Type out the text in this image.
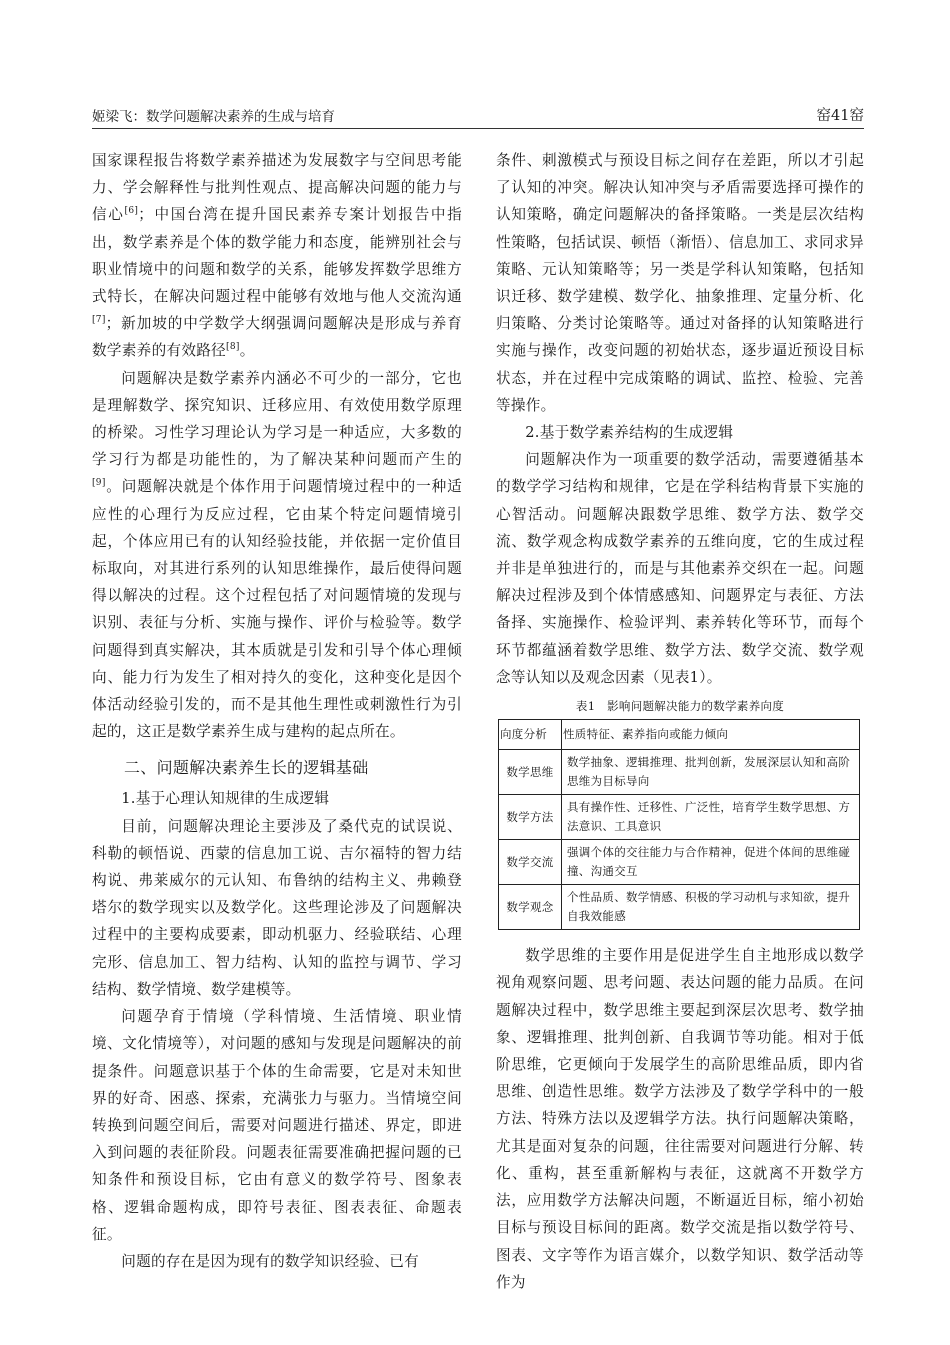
姬梁飞：数学问题解决素养的生成与培育	窑41窑

国家课程报告将数学素养描述为发展数字与空间思考能力、学会解释性与批判性观点、提高解决问题的能力与信心[6]；中国台湾在提升国民素养专案计划报告中指出，数学素养是个体的数学能力和态度，能辨别社会与职业情境中的问题和数学的关系，能够发挥数学思维方式特长，在解决问题过程中能够有效地与他人交流沟通[7]；新加坡的中学数学大纲强调问题解决是形成与养育数学素养的有效路径[8]。

问题解决是数学素养内涵必不可少的一部分，它也是理解数学、探究知识、迁移应用、有效使用数学原理的桥梁。习性学习理论认为学习是一种适应，大多数的学习行为都是功能性的，为了解决某种问题而产生的[9]。问题解决就是个体作用于问题情境过程中的一种适应性的心理行为反应过程，它由某个特定问题情境引起，个体应用已有的认知经验技能，并依据一定价值目标取向，对其进行系列的认知思维操作，最后使得问题得以解决的过程。这个过程包括了对问题情境的发现与识别、表征与分析、实施与操作、评价与检验等。数学问题得到真实解决，其本质就是引发和引导个体心理倾向、能力行为发生了相对持久的变化，这种变化是因个体活动经验引发的，而不是其他生理性或刺激性行为引起的，这正是数学素养生成与建构的起点所在。

二、问题解决素养生长的逻辑基础

1.基于心理认知规律的生成逻辑

目前，问题解决理论主要涉及了桑代克的试误说、科勒的顿悟说、西蒙的信息加工说、吉尔福特的智力结构说、弗莱威尔的元认知、布鲁纳的结构主义、弗赖登塔尔的数学现实以及数学化。这些理论涉及了问题解决过程中的主要构成要素，即动机驱力、经验联结、心理完形、信息加工、智力结构、认知的监控与调节、学习结构、数学情境、数学建模等。

问题孕育于情境（学科情境、生活情境、职业情境、文化情境等），对问题的感知与发现是问题解决的前提条件。问题意识基于个体的生命需要，它是对未知世界的好奇、困惑、探索，充满张力与驱力。当情境空间转换到问题空间后，需要对问题进行描述、界定，即进入到问题的表征阶段。问题表征需要准确把握问题的已知条件和预设目标，它由有意义的数学符号、图象表格、逻辑命题构成，即符号表征、图表表征、命题表征。

问题的存在是因为现有的数学知识经验、已有

条件、刺激模式与预设目标之间存在差距，所以才引起了认知的冲突。解决认知冲突与矛盾需要选择可操作的认知策略，确定问题解决的备择策略。一类是层次结构性策略，包括试误、顿悟（渐悟）、信息加工、求同求异策略、元认知策略等；另一类是学科认知策略，包括知识迁移、数学建模、数学化、抽象推理、定量分析、化归策略、分类讨论策略等。通过对备择的认知策略进行实施与操作，改变问题的初始状态，逐步逼近预设目标状态，并在过程中完成策略的调试、监控、检验、完善等操作。

2.基于数学素养结构的生成逻辑

问题解决作为一项重要的数学活动，需要遵循基本的数学学习结构和规律，它是在学科结构背景下实施的心智活动。问题解决跟数学思维、数学方法、数学交流、数学观念构成数学素养的五维向度，它的生成过程并非是单独进行的，而是与其他素养交织在一起。问题解决过程涉及到个体情感感知、问题界定与表征、方法备择、实施操作、检验评判、素养转化等环节，而每个环节都蕴涵着数学思维、数学方法、数学交流、数学观念等认知以及观念因素（见表1）。

表1　影响问题解决能力的数学素养向度
向度分析	性质特征、素养指向或能力倾向
数学思维	数学抽象、逻辑推理、批判创新，发展深层认知和高阶思维为目标导向
数学方法	具有操作性、迁移性、广泛性，培育学生数学思想、方法意识、工具意识
数学交流	强调个体的交往能力与合作精神，促进个体间的思维碰撞、沟通交互
数学观念	个性品质、数学情感、积极的学习动机与求知欲，提升自我效能感

数学思维的主要作用是促进学生自主地形成以数学视角观察问题、思考问题、表达问题的能力品质。在问题解决过程中，数学思维主要起到深层次思考、数学抽象、逻辑推理、批判创新、自我调节等功能。相对于低阶思维，它更倾向于发展学生的高阶思维品质，即内省思维、创造性思维。数学方法涉及了数学学科中的一般方法、特殊方法以及逻辑学方法。执行问题解决策略，尤其是面对复杂的问题，往往需要对问题进行分解、转化、重构，甚至重新解构与表征，这就离不开数学方法，应用数学方法解决问题，不断逼近目标，缩小初始目标与预设目标间的距离。数学交流是指以数学符号、图表、文字等作为语言媒介，以数学知识、数学活动等作为
